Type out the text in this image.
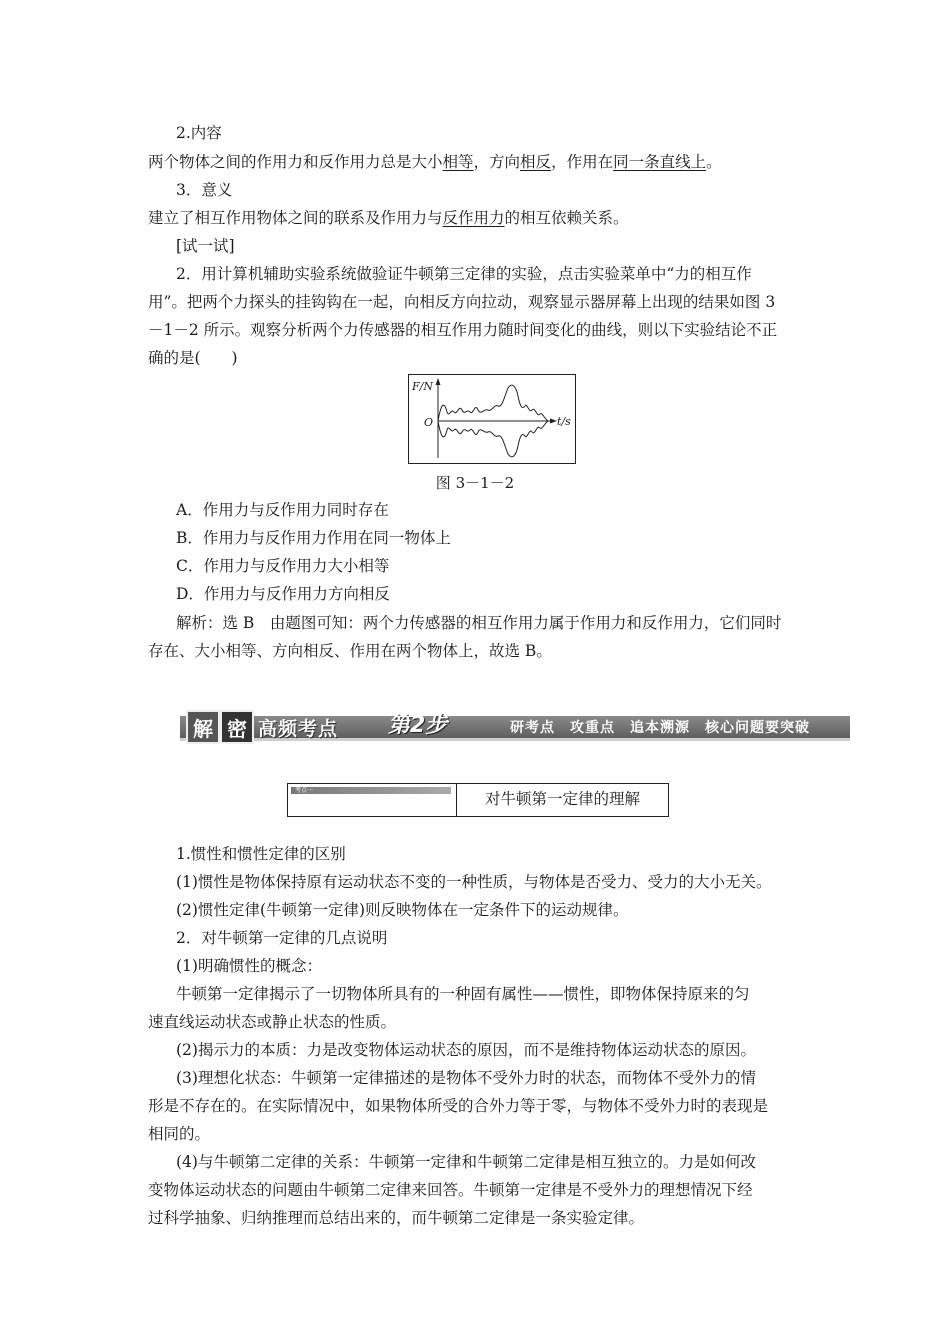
2.内容
两个物体之间的作用力和反作用力总是大小相等，方向相反，作用在同一条直线上。
3．意义
建立了相互作用物体之间的联系及作用力与反作用力的相互依赖关系。
[试一试]
2．用计算机辅助实验系统做验证牛顿第三定律的实验，点击实验菜单中“力的相互作
用”。把两个力探头的挂钩钩在一起，向相反方向拉动，观察显示器屏幕上出现的结果如图 3
－1－2 所示。观察分析两个力传感器的相互作用力随时间变化的曲线，则以下实验结论不正
确的是(　　)
F/N
O	t/s
图 3－1－2
A．作用力与反作用力同时存在
B．作用力与反作用力作用在同一物体上
C．作用力与反作用力大小相等
D．作用力与反作用力方向相反
解析：选 B　由题图可知：两个力传感器的相互作用力属于作用力和反作用力，它们同时
存在、大小相等、方向相反、作用在两个物体上，故选 B。
解 密 高频考点 第2步	研考点　攻重点　追本溯源　核心问题要突破
考点一	对牛顿第一定律的理解
1.惯性和惯性定律的区别
(1)惯性是物体保持原有运动状态不变的一种性质，与物体是否受力、受力的大小无关。
(2)惯性定律(牛顿第一定律)则反映物体在一定条件下的运动规律。
2．对牛顿第一定律的几点说明
(1)明确惯性的概念：
牛顿第一定律揭示了一切物体所具有的一种固有属性——惯性，即物体保持原来的匀
速直线运动状态或静止状态的性质。
(2)揭示力的本质：力是改变物体运动状态的原因，而不是维持物体运动状态的原因。
(3)理想化状态：牛顿第一定律描述的是物体不受外力时的状态，而物体不受外力的情
形是不存在的。在实际情况中，如果物体所受的合外力等于零，与物体不受外力时的表现是
相同的。
(4)与牛顿第二定律的关系：牛顿第一定律和牛顿第二定律是相互独立的。力是如何改
变物体运动状态的问题由牛顿第二定律来回答。牛顿第一定律是不受外力的理想情况下经
过科学抽象、归纳推理而总结出来的，而牛顿第二定律是一条实验定律。
